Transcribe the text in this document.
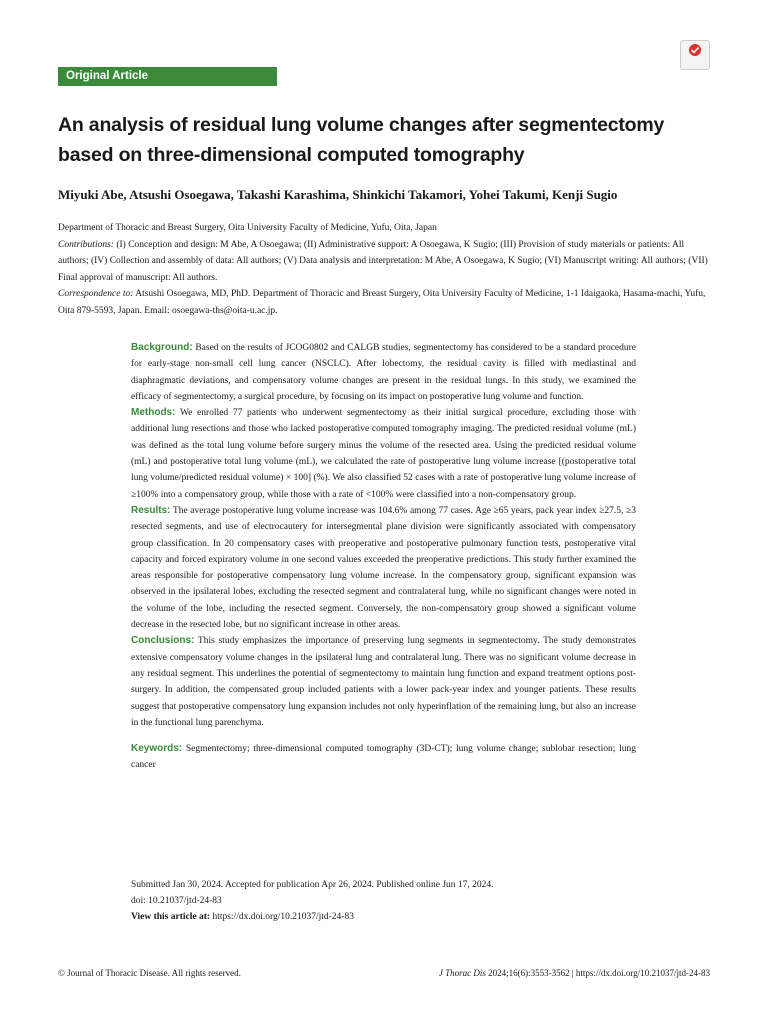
Original Article
An analysis of residual lung volume changes after segmentectomy based on three-dimensional computed tomography
Miyuki Abe, Atsushi Osoegawa, Takashi Karashima, Shinkichi Takamori, Yohei Takumi, Kenji Sugio

Department of Thoracic and Breast Surgery, Oita University Faculty of Medicine, Yufu, Oita, Japan

Contributions: (I) Conception and design: M Abe, A Osoegawa; (II) Administrative support: A Osoegawa, K Sugio; (III) Provision of study materials or patients: All authors; (IV) Collection and assembly of data: All authors; (V) Data analysis and interpretation: M Abe, A Osoegawa, K Sugio; (VI) Manuscript writing: All authors; (VII) Final approval of manuscript: All authors.

Correspondence to: Atsushi Osoegawa, MD, PhD. Department of Thoracic and Breast Surgery, Oita University Faculty of Medicine, 1-1 Idaigaoka, Hasama-machi, Yufu, Oita 879-5593, Japan. Email: osoegawa-ths@oita-u.ac.jp.

Background: Based on the results of JCOG0802 and CALGB studies, segmentectomy has considered to be a standard procedure for early-stage non-small cell lung cancer (NSCLC). After lobectomy, the residual cavity is filled with mediastinal and diaphragmatic deviations, and compensatory volume changes are present in the residual lungs. In this study, we examined the efficacy of segmentectomy, a surgical procedure, by focusing on its impact on postoperative lung volume and function.

Methods: We enrolled 77 patients who underwent segmentectomy as their initial surgical procedure, excluding those with additional lung resections and those who lacked postoperative computed tomography imaging. The predicted residual volume (mL) was defined as the total lung volume before surgery minus the volume of the resected area. Using the predicted residual volume (mL) and postoperative total lung volume (mL), we calculated the rate of postoperative lung volume increase [(postoperative total lung volume/predicted residual volume) × 100] (%). We also classified 52 cases with a rate of postoperative lung volume increase of ≥100% into a compensatory group, while those with a rate of <100% were classified into a non-compensatory group.

Results: The average postoperative lung volume increase was 104.6% among 77 cases. Age ≥65 years, pack year index ≥27.5, ≥3 resected segments, and use of electrocautery for intersegmental plane division were significantly associated with compensatory group classification. In 20 compensatory cases with preoperative and postoperative pulmonary function tests, postoperative vital capacity and forced expiratory volume in one second values exceeded the preoperative predictions. This study further examined the areas responsible for postoperative compensatory lung volume increase. In the compensatory group, significant expansion was observed in the ipsilateral lobes, excluding the resected segment and contralateral lung, while no significant changes were noted in the volume of the lobe, including the resected segment. Conversely, the non-compensatory group showed a significant volume decrease in the resected lobe, but no significant increase in other areas.

Conclusions: This study emphasizes the importance of preserving lung segments in segmentectomy. The study demonstrates extensive compensatory volume changes in the ipsilateral lung and contralateral lung. There was no significant volume decrease in any residual segment. This underlines the potential of segmentectomy to maintain lung function and expand treatment options post-surgery. In addition, the compensated group included patients with a lower pack-year index and younger patients. These results suggest that postoperative compensatory lung expansion includes not only hyperinflation of the remaining lung, but also an increase in the functional lung parenchyma.

Keywords: Segmentectomy; three-dimensional computed tomography (3D-CT); lung volume change; sublobar resection; lung cancer

Submitted Jan 30, 2024. Accepted for publication Apr 26, 2024. Published online Jun 17, 2024.

doi: 10.21037/jtd-24-83

View this article at: https://dx.doi.org/10.21037/jtd-24-83

© Journal of Thoracic Disease. All rights reserved.	J Thorac Dis 2024;16(6):3553-3562 | https://dx.doi.org/10.21037/jtd-24-83
